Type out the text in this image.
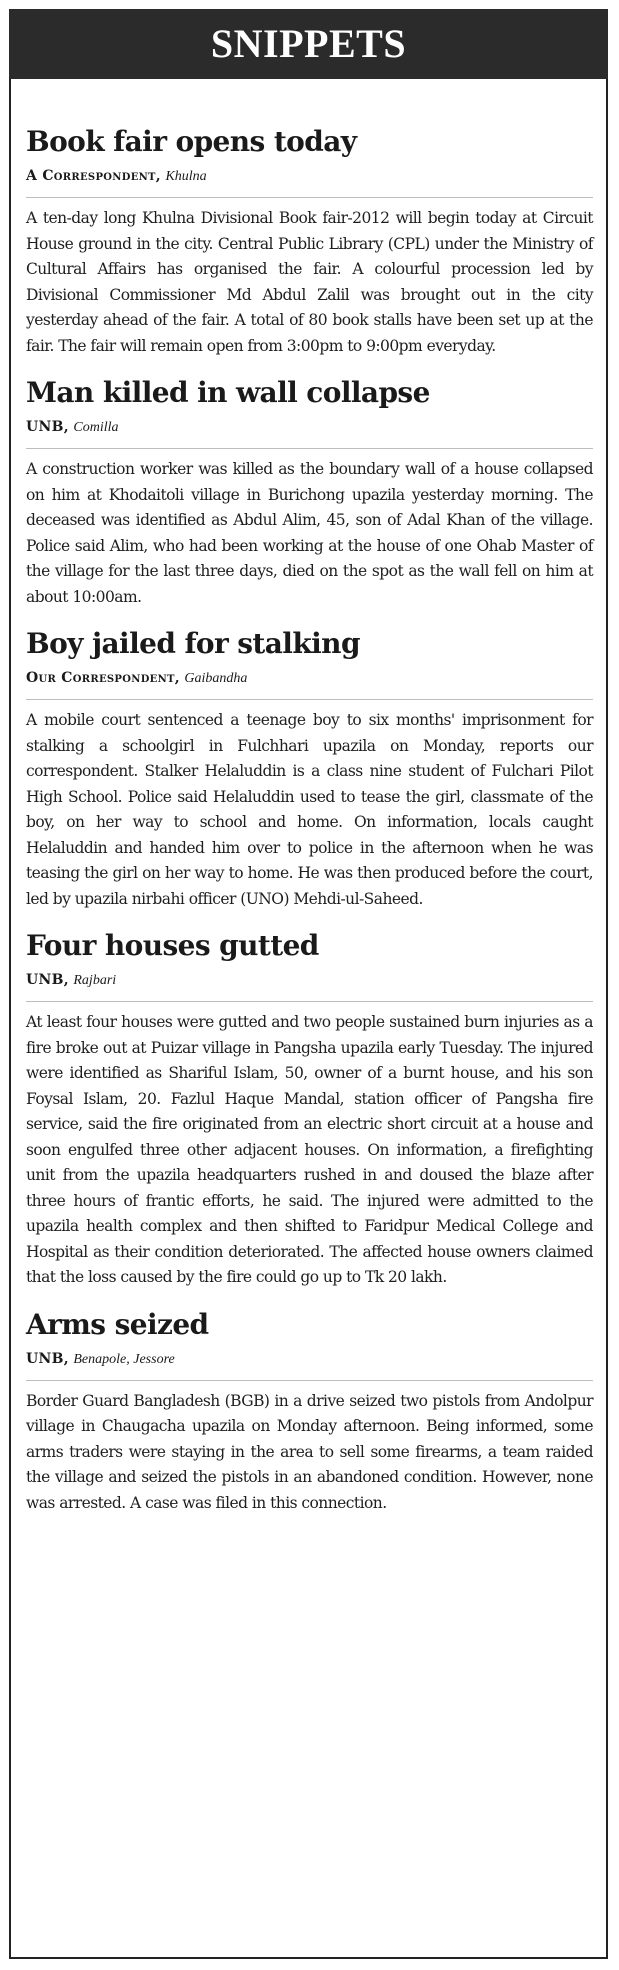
SNIPPETS
Book fair opens today
A Correspondent, Khulna

A ten-day long Khulna Divisional Book fair-2012 will begin today at Circuit House ground in the city. Central Public Library (CPL) under the Ministry of Cultural Affairs has organised the fair. A colourful procession led by Divisional Commissioner Md Abdul Zalil was brought out in the city yesterday ahead of the fair. A total of 80 book stalls have been set up at the fair. The fair will remain open from 3:00pm to 9:00pm everyday.

Man killed in wall collapse
UNB, Comilla

A construction worker was killed as the boundary wall of a house collapsed on him at Khodaitoli village in Burichong upazila yesterday morning. The deceased was identified as Abdul Alim, 45, son of Adal Khan of the village. Police said Alim, who had been working at the house of one Ohab Master of the village for the last three days, died on the spot as the wall fell on him at about 10:00am.

Boy jailed for stalking
Our Correspondent, Gaibandha

A mobile court sentenced a teenage boy to six months' imprisonment for stalking a schoolgirl in Fulchhari upazila on Monday, reports our correspondent. Stalker Helaluddin is a class nine student of Fulchari Pilot High School. Police said Helaluddin used to tease the girl, classmate of the boy, on her way to school and home. On information, locals caught Helaluddin and handed him over to police in the afternoon when he was teasing the girl on her way to home. He was then produced before the court, led by upazila nirbahi officer (UNO) Mehdi-ul-Saheed.

Four houses gutted
UNB, Rajbari

At least four houses were gutted and two people sustained burn injuries as a fire broke out at Puizar village in Pangsha upazila early Tuesday. The injured were identified as Shariful Islam, 50, owner of a burnt house, and his son Foysal Islam, 20. Fazlul Haque Mandal, station officer of Pangsha fire service, said the fire originated from an electric short circuit at a house and soon engulfed three other adjacent houses. On information, a firefighting unit from the upazila headquarters rushed in and doused the blaze after three hours of frantic efforts, he said. The injured were admitted to the upazila health complex and then shifted to Faridpur Medical College and Hospital as their condition deteriorated. The affected house owners claimed that the loss caused by the fire could go up to Tk 20 lakh.

Arms seized
UNB, Benapole, Jessore

Border Guard Bangladesh (BGB) in a drive seized two pistols from Andolpur village in Chaugacha upazila on Monday afternoon. Being informed, some arms traders were staying in the area to sell some firearms, a team raided the village and seized the pistols in an abandoned condition. However, none was arrested. A case was filed in this connection.
